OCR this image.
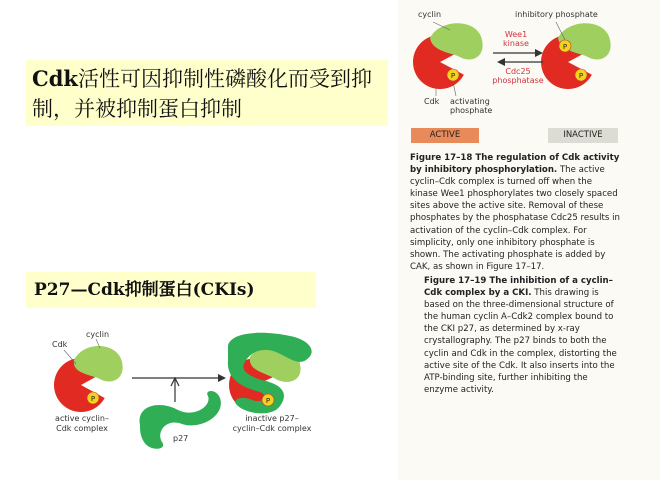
Cdk活性可因抑制性磷酸化而受到抑制，并被抑制蛋白抑制
P27—Cdk抑制蛋白(CKIs)
P
P
P
P	P
cyclin	inhibitory phosphate
Wee1 kinase
Cdc25 phosphatase
Cdk activating phosphate
ACTIVE	INACTIVE

Figure 17–18 The regulation of Cdk activity by inhibitory phosphorylation. The active cyclin–Cdk complex is turned off when the kinase Wee1 phosphorylates two closely spaced sites above the active site. Removal of these phosphates by the phosphatase Cdc25 results in activation of the cyclin–Cdk complex. For simplicity, only one inhibitory phosphate is shown. The activating phosphate is added by CAK, as shown in Figure 17–17.

Figure 17–19 The inhibition of a cyclin–Cdk complex by a CKI. This drawing is based on the three-dimensional structure of the human cyclin A–Cdk2 complex bound to the CKI p27, as determined by x-ray crystallography. The p27 binds to both the cyclin and Cdk in the complex, distorting the active site of the Cdk. It also inserts into the ATP-binding site, further inhibiting the enzyme activity.

Cdk
cyclin
active cyclin–Cdk complex
p27
inactive p27–cyclin–Cdk complex
